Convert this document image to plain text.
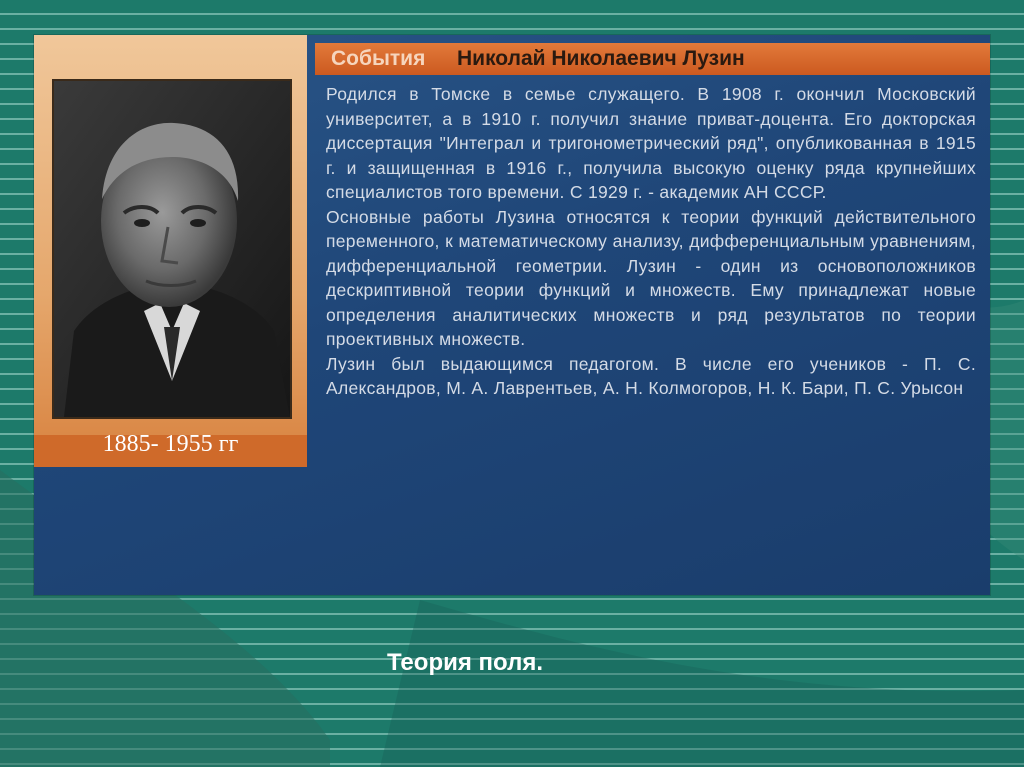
1885- 1955 гг
События Николай Николаевич Лузин

Родился в Томске в семье служащего. В 1908 г. окончил Московский университет, а в 1910 г. получил знание приват-доцента. Его докторская диссертация "Интеграл и тригонометрический ряд", опубликованная в 1915 г. и защищенная в 1916 г., получила высокую оценку ряда крупнейших специалистов того времени. С 1929 г. - академик АН СССР.

Основные работы Лузина относятся к теории функций действительного переменного, к математическому анализу, дифференциальным уравнениям, дифференциальной геометрии. Лузин - один из основоположников дескриптивной теории функций и множеств. Ему принадлежат новые определения аналитических множеств и ряд результатов по теории проективных множеств.

Лузин был выдающимся педагогом. В числе его учеников - П. С. Александров, М. А. Лаврентьев, А. Н. Колмогоров, Н. К. Бари, П. С. Урысон

Теория поля.
